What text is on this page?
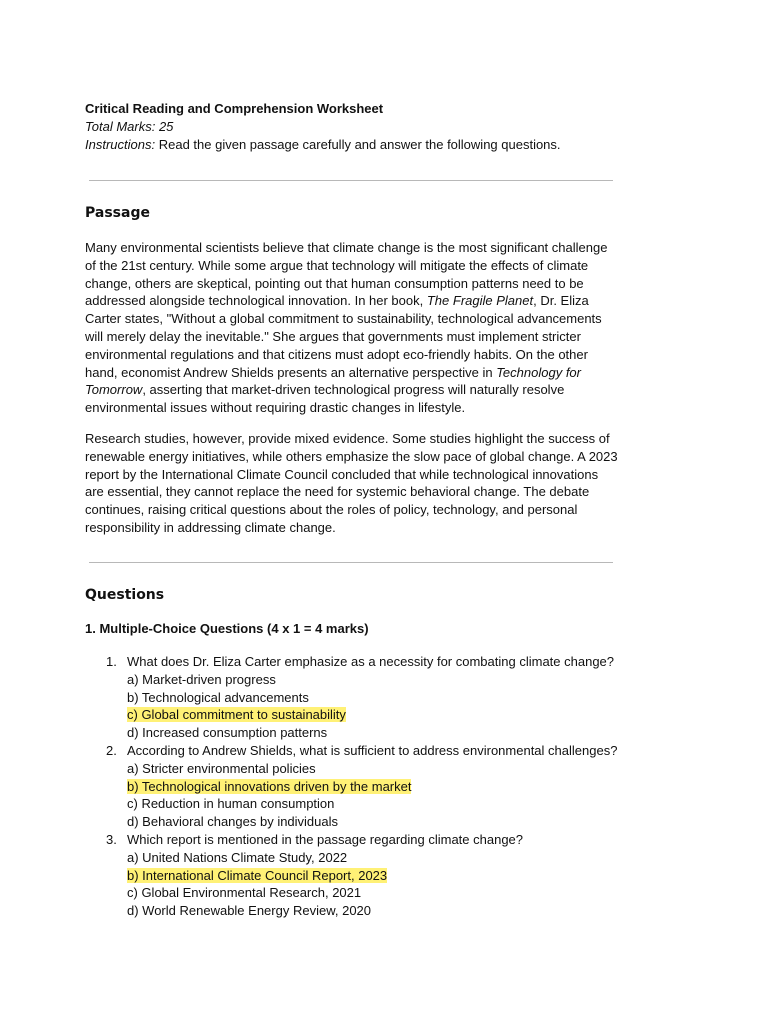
Critical Reading and Comprehension Worksheet
Total Marks: 25
Instructions: Read the given passage carefully and answer the following questions.
Passage

Many environmental scientists believe that climate change is the most significant challenge of the 21st century. While some argue that technology will mitigate the effects of climate change, others are skeptical, pointing out that human consumption patterns need to be addressed alongside technological innovation. In her book, The Fragile Planet, Dr. Eliza Carter states, "Without a global commitment to sustainability, technological advancements will merely delay the inevitable." She argues that governments must implement stricter environmental regulations and that citizens must adopt eco-friendly habits. On the other hand, economist Andrew Shields presents an alternative perspective in Technology for Tomorrow, asserting that market-driven technological progress will naturally resolve environmental issues without requiring drastic changes in lifestyle.

Research studies, however, provide mixed evidence. Some studies highlight the success of renewable energy initiatives, while others emphasize the slow pace of global change. A 2023 report by the International Climate Council concluded that while technological innovations are essential, they cannot replace the need for systemic behavioral change. The debate continues, raising critical questions about the roles of policy, technology, and personal responsibility in addressing climate change.

Questions
1. Multiple-Choice Questions (4 x 1 = 4 marks)
1. What does Dr. Eliza Carter emphasize as a necessity for combating climate change?
a) Market-driven progress
b) Technological advancements
c) Global commitment to sustainability
d) Increased consumption patterns
2. According to Andrew Shields, what is sufficient to address environmental challenges?
a) Stricter environmental policies
b) Technological innovations driven by the market
c) Reduction in human consumption
d) Behavioral changes by individuals
3. Which report is mentioned in the passage regarding climate change?
a) United Nations Climate Study, 2022
b) International Climate Council Report, 2023
c) Global Environmental Research, 2021
d) World Renewable Energy Review, 2020
